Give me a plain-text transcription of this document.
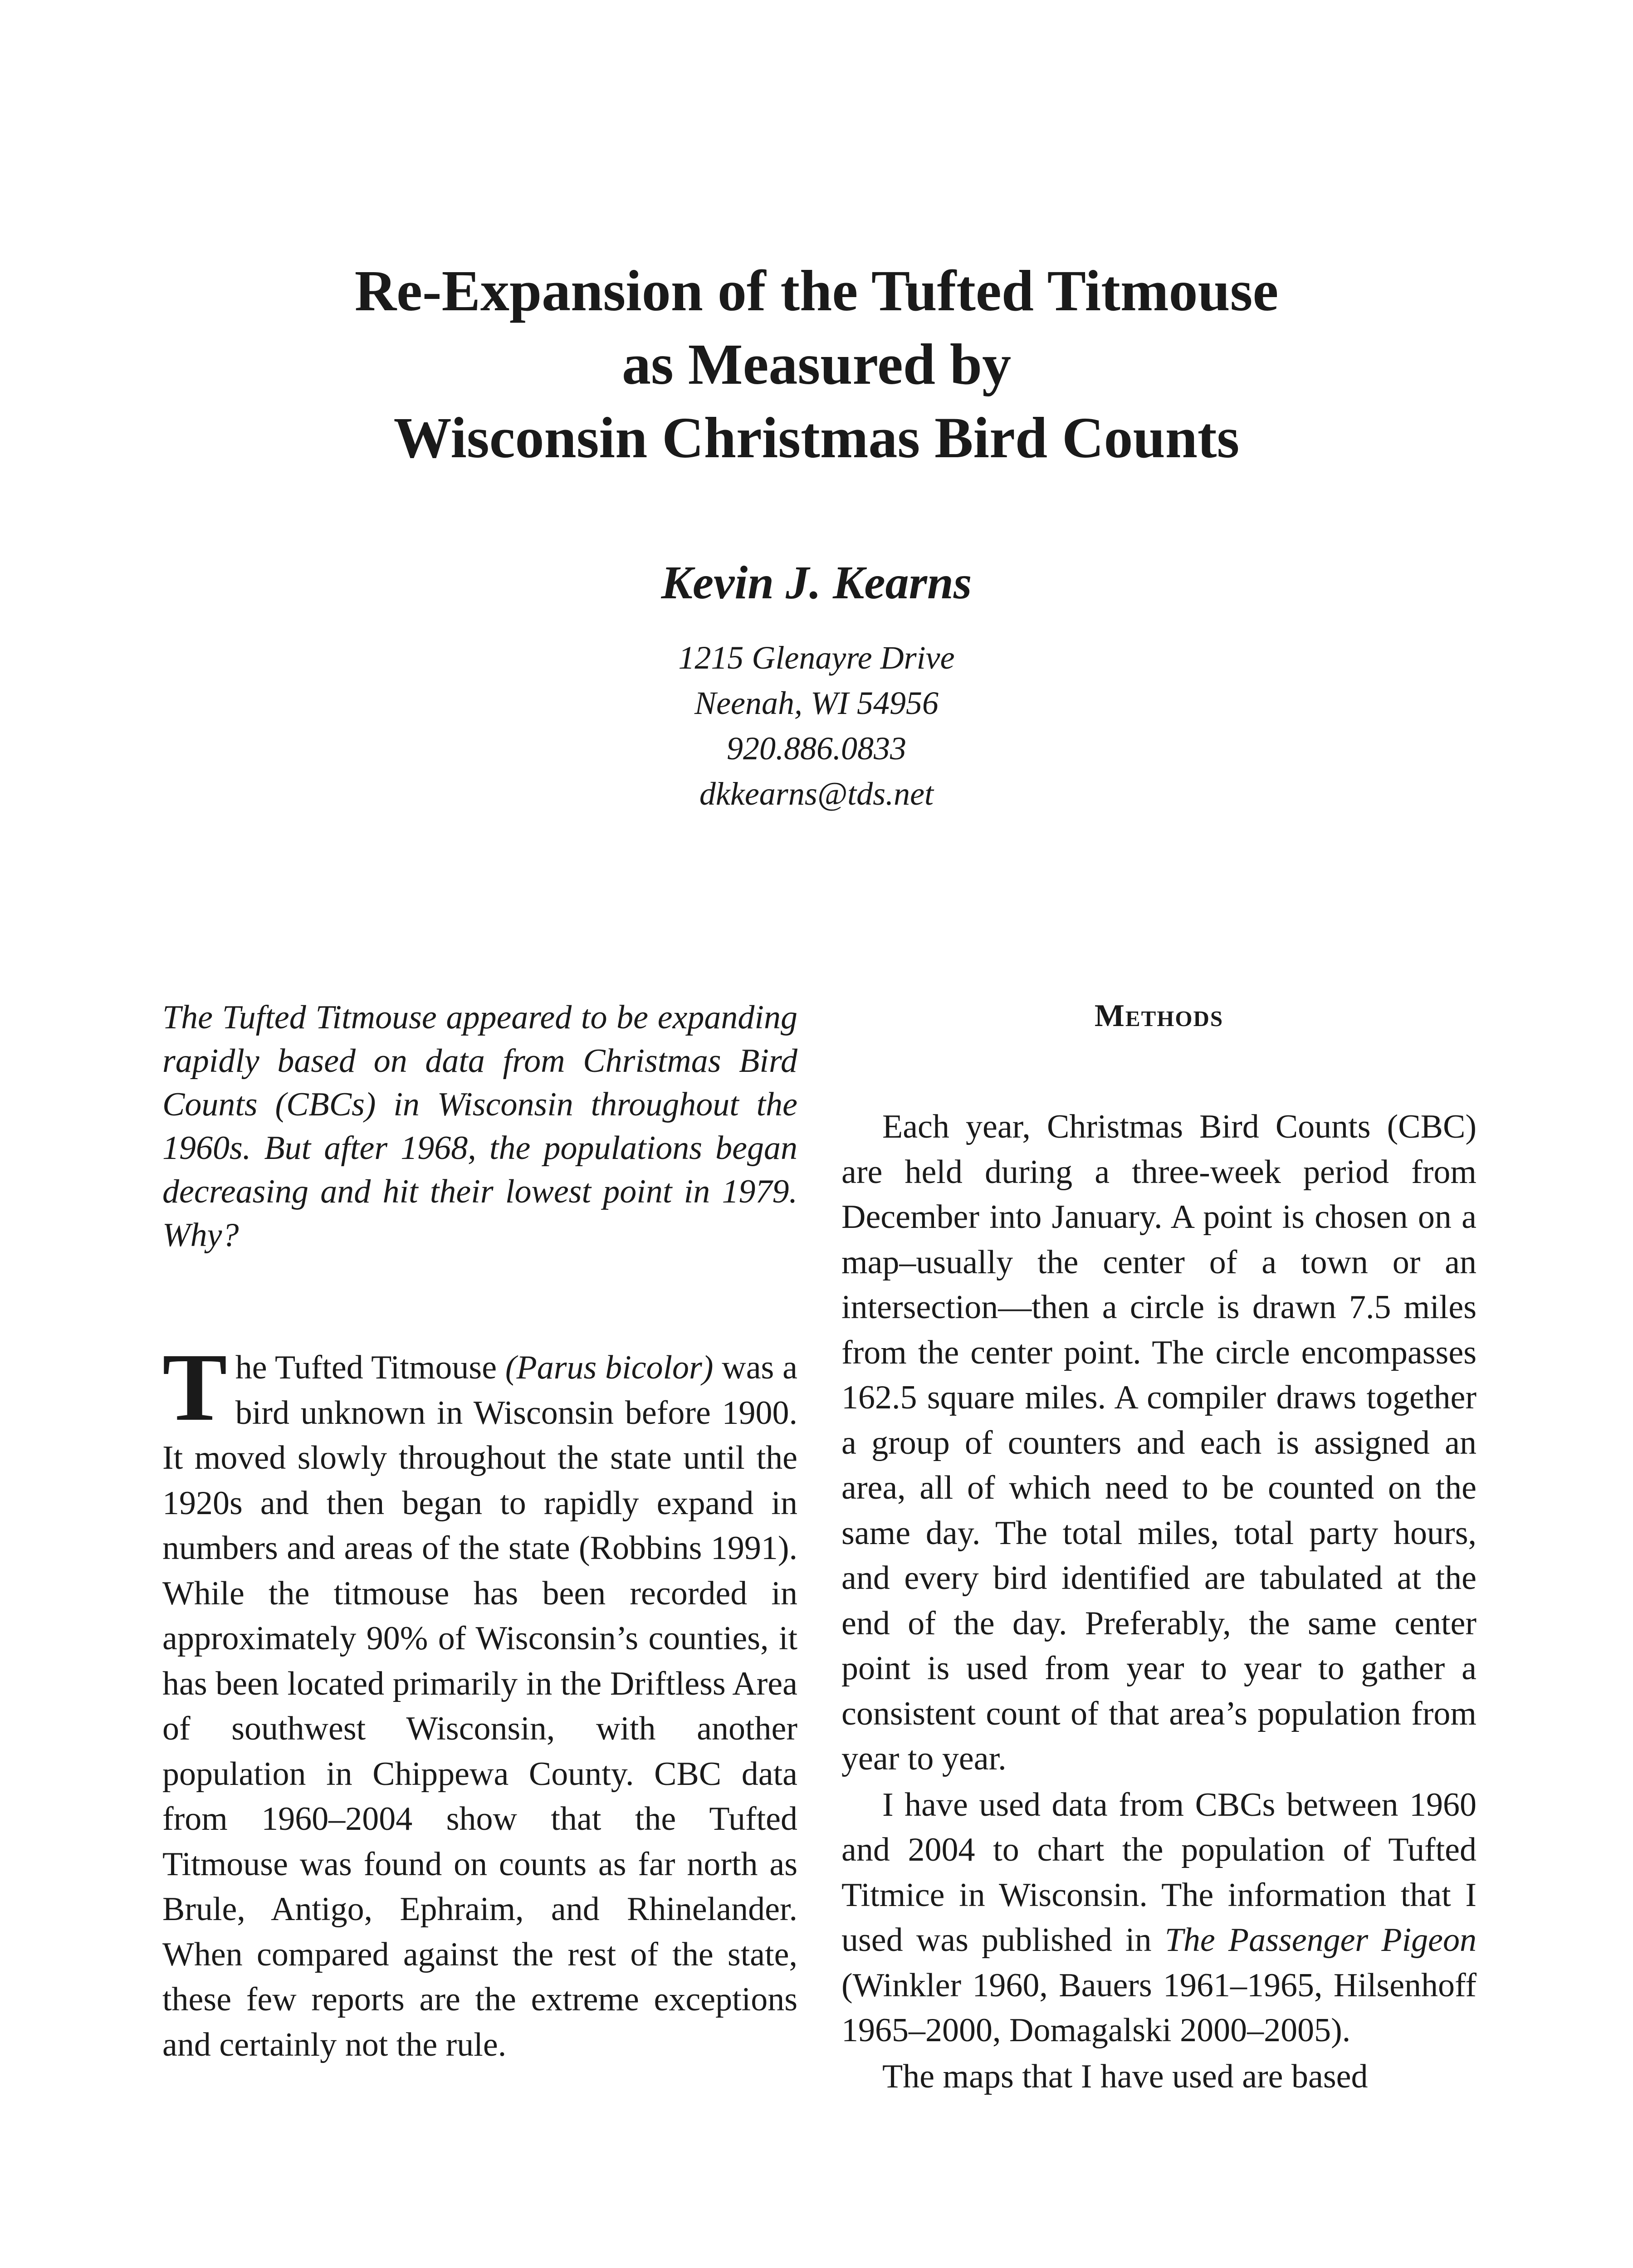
Re-Expansion of the Tufted Titmouse
as Measured by
Wisconsin Christmas Bird Counts

Kevin J. Kearns

1215 Glenayre Drive
Neenah, WI 54956
920.886.0833
dkkearns@tds.net

The Tufted Titmouse appeared to be expanding rapidly based on data from Christmas Bird Counts (CBCs) in Wisconsin throughout the 1960s. But after 1968, the populations began decreasing and hit their lowest point in 1979. Why?

The Tufted Titmouse (Parus bicolor) was a bird unknown in Wisconsin before 1900. It moved slowly throughout the state until the 1920s and then began to rapidly expand in numbers and areas of the state (Robbins 1991). While the titmouse has been recorded in approximately 90% of Wisconsin’s counties, it has been located primarily in the Driftless Area of southwest Wisconsin, with another population in Chippewa County. CBC data from 1960–2004 show that the Tufted Titmouse was found on counts as far north as Brule, Antigo, Ephraim, and Rhinelander. When compared against the rest of the state, these few reports are the extreme exceptions and certainly not the rule.

Methods

Each year, Christmas Bird Counts (CBC) are held during a three-week period from December into January. A point is chosen on a map–usually the center of a town or an intersection—then a circle is drawn 7.5 miles from the center point. The circle encompasses 162.5 square miles. A compiler draws together a group of counters and each is assigned an area, all of which need to be counted on the same day. The total miles, total party hours, and every bird identified are tabulated at the end of the day. Preferably, the same center point is used from year to year to gather a consistent count of that area’s population from year to year.

I have used data from CBCs between 1960 and 2004 to chart the population of Tufted Titmice in Wisconsin. The information that I used was published in The Passenger Pigeon (Winkler 1960, Bauers 1961–1965, Hilsenhoff 1965–2000, Domagalski 2000–2005).

The maps that I have used are based
